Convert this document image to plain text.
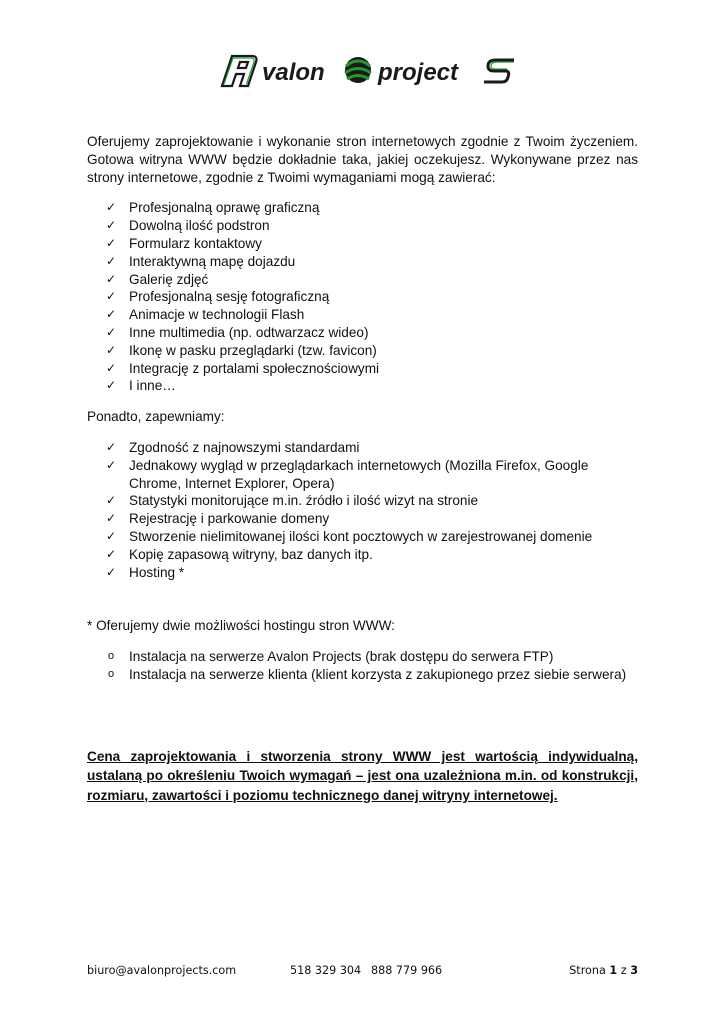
valon project

Oferujemy zaprojektowanie i wykonanie stron internetowych zgodnie z Twoim życzeniem. Gotowa witryna WWW będzie dokładnie taka, jakiej oczekujesz. Wykonywane przez nas strony internetowe, zgodnie z Twoimi wymaganiami mogą zawierać:

✓ Profesjonalną oprawę graficzną
✓ Dowolną ilość podstron
✓ Formularz kontaktowy
✓ Interaktywną mapę dojazdu
✓ Galerię zdjęć
✓ Profesjonalną sesję fotograficzną
✓ Animacje w technologii Flash
✓ Inne multimedia (np. odtwarzacz wideo)
✓ Ikonę w pasku przeglądarki (tzw. favicon)
✓ Integrację z portalami społecznościowymi
✓ I inne…

Ponadto, zapewniamy:

✓ Zgodność z najnowszymi standardami
✓ Jednakowy wygląd w przeglądarkach internetowych (Mozilla Firefox, Google Chrome, Internet Explorer, Opera)
✓ Statystyki monitorujące m.in. źródło i ilość wizyt na stronie
✓ Rejestrację i parkowanie domeny
✓ Stworzenie nielimitowanej ilości kont pocztowych w zarejestrowanej domenie
✓ Kopię zapasową witryny, baz danych itp.
✓ Hosting *

* Oferujemy dwie możliwości hostingu stron WWW:

o Instalacja na serwerze Avalon Projects (brak dostępu do serwera FTP)
o Instalacja na serwerze klienta (klient korzysta z zakupionego przez siebie serwera)

Cena zaprojektowania i stworzenia strony WWW jest wartością indywidualną, ustalaną po określeniu Twoich wymagań – jest ona uzależniona m.in. od konstrukcji, rozmiaru, zawartości i poziomu technicznego danej witryny internetowej.

biuro@avalonprojects.com	518 329 304 888 779 966	Strona 1 z 3
